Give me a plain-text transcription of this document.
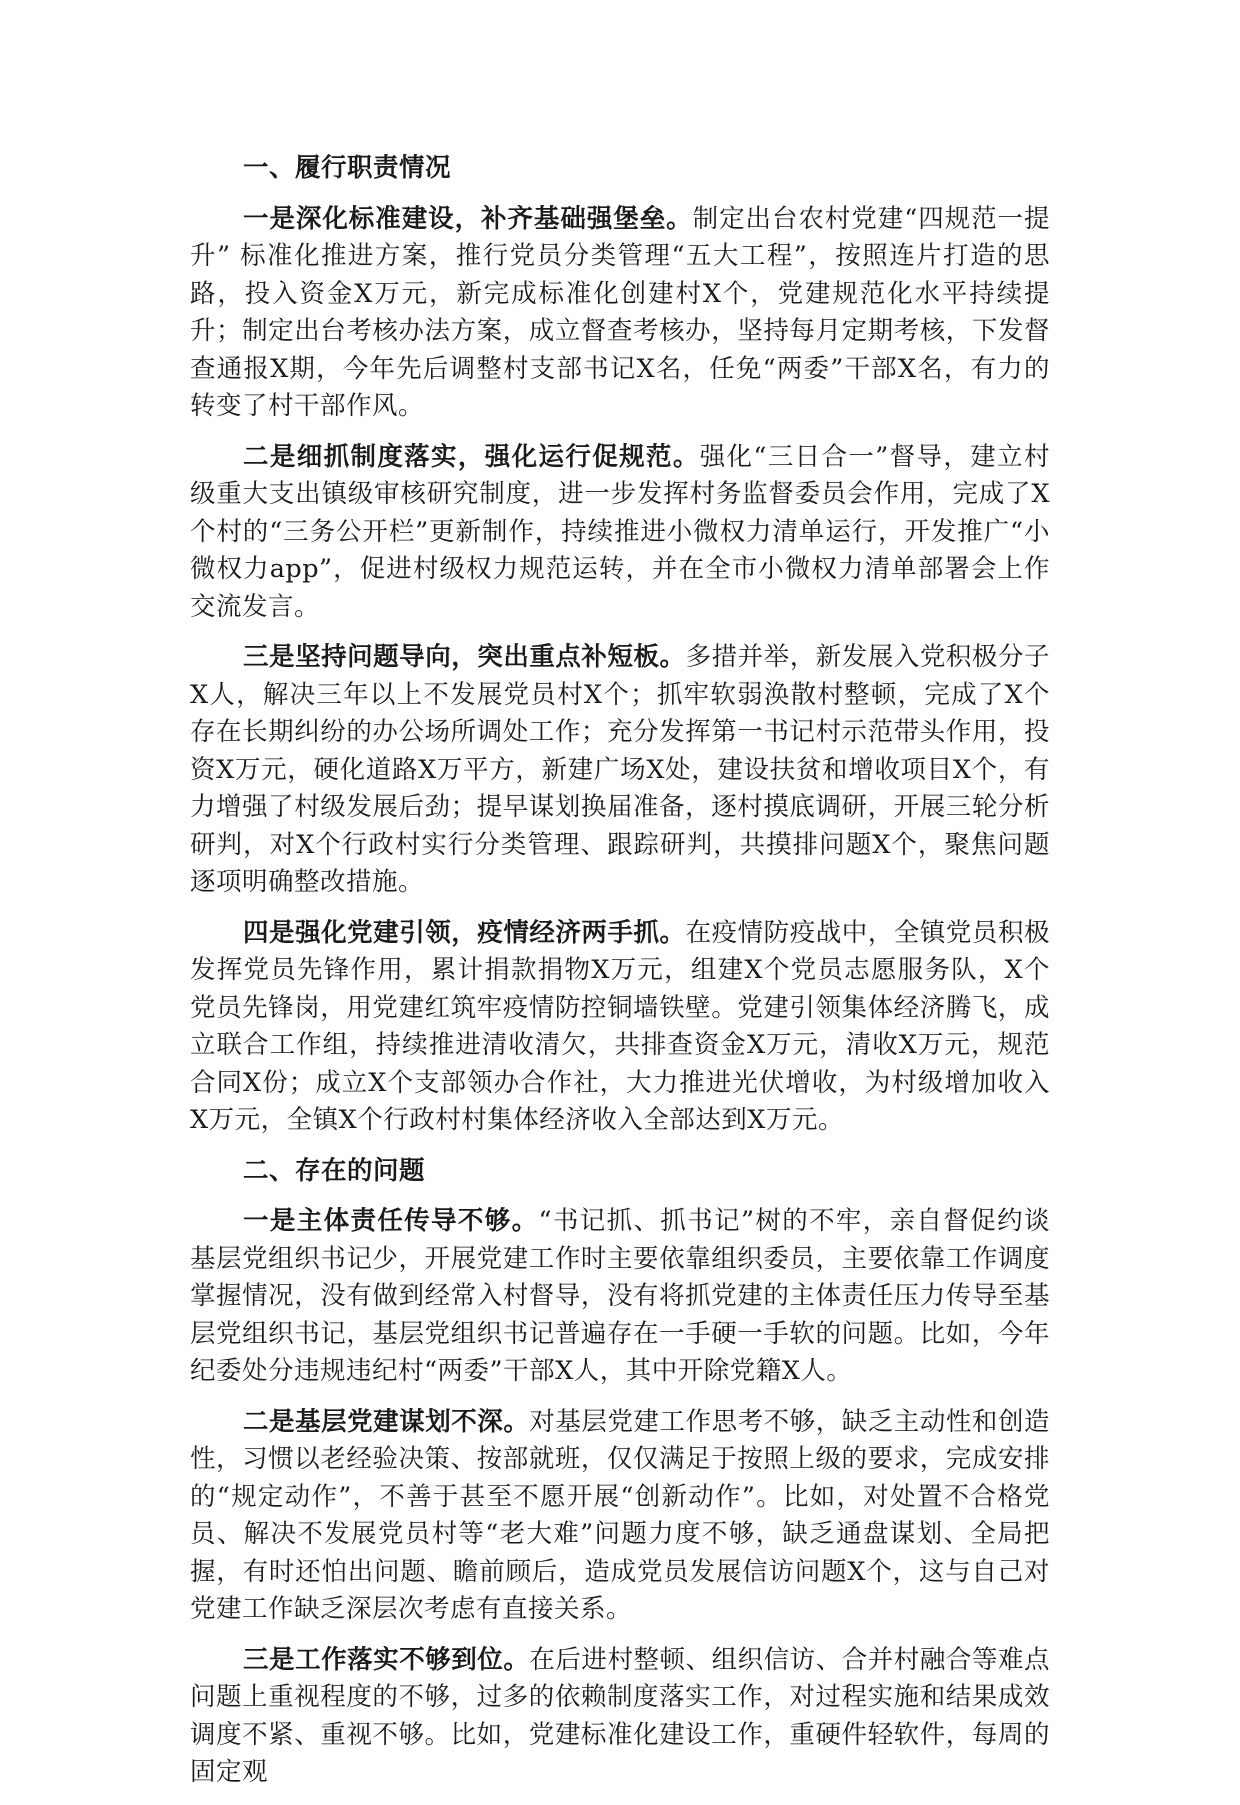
一、履行职责情况

一是深化标准建设，补齐基础强堡垒。制定出台农村党建“四规范一提升” 标准化推进方案，推行党员分类管理“五大工程”，按照连片打造的思路，投入资金X万元，新完成标准化创建村X个，党建规范化水平持续提升；制定出台考核办法方案，成立督查考核办，坚持每月定期考核，下发督查通报X期，今年先后调整村支部书记X名，任免“两委”干部X名，有力的转变了村干部作风。

二是细抓制度落实，强化运行促规范。强化“三日合一”督导，建立村级重大支出镇级审核研究制度，进一步发挥村务监督委员会作用，完成了X个村的“三务公开栏”更新制作，持续推进小微权力清单运行，开发推广“小微权力app”，促进村级权力规范运转，并在全市小微权力清单部署会上作交流发言。

三是坚持问题导向，突出重点补短板。多措并举，新发展入党积极分子X人，解决三年以上不发展党员村X个；抓牢软弱涣散村整顿，完成了X个存在长期纠纷的办公场所调处工作；充分发挥第一书记村示范带头作用，投资X万元，硬化道路X万平方，新建广场X处，建设扶贫和增收项目X个，有力增强了村级发展后劲；提早谋划换届准备，逐村摸底调研，开展三轮分析研判，对X个行政村实行分类管理、跟踪研判，共摸排问题X个，聚焦问题逐项明确整改措施。

四是强化党建引领，疫情经济两手抓。在疫情防疫战中，全镇党员积极发挥党员先锋作用，累计捐款捐物X万元，组建X个党员志愿服务队，X个党员先锋岗，用党建红筑牢疫情防控铜墙铁壁。党建引领集体经济腾飞，成立联合工作组，持续推进清收清欠，共排查资金X万元，清收X万元，规范合同X份；成立X个支部领办合作社，大力推进光伏增收，为村级增加收入X万元，全镇X个行政村村集体经济收入全部达到X万元。

二、存在的问题

一是主体责任传导不够。“书记抓、抓书记”树的不牢，亲自督促约谈基层党组织书记少，开展党建工作时主要依靠组织委员，主要依靠工作调度掌握情况，没有做到经常入村督导，没有将抓党建的主体责任压力传导至基层党组织书记，基层党组织书记普遍存在一手硬一手软的问题。比如，今年纪委处分违规违纪村“两委”干部X人，其中开除党籍X人。

二是基层党建谋划不深。对基层党建工作思考不够，缺乏主动性和创造性，习惯以老经验决策、按部就班，仅仅满足于按照上级的要求，完成安排的“规定动作”，不善于甚至不愿开展“创新动作”。比如，对处置不合格党员、解决不发展党员村等“老大难”问题力度不够，缺乏通盘谋划、全局把握，有时还怕出问题、瞻前顾后，造成党员发展信访问题X个，这与自己对党建工作缺乏深层次考虑有直接关系。

三是工作落实不够到位。在后进村整顿、组织信访、合并村融合等难点问题上重视程度的不够，过多的依赖制度落实工作，对过程实施和结果成效调度不紧、重视不够。比如，党建标准化建设工作，重硬件轻软件，每周的固定观
